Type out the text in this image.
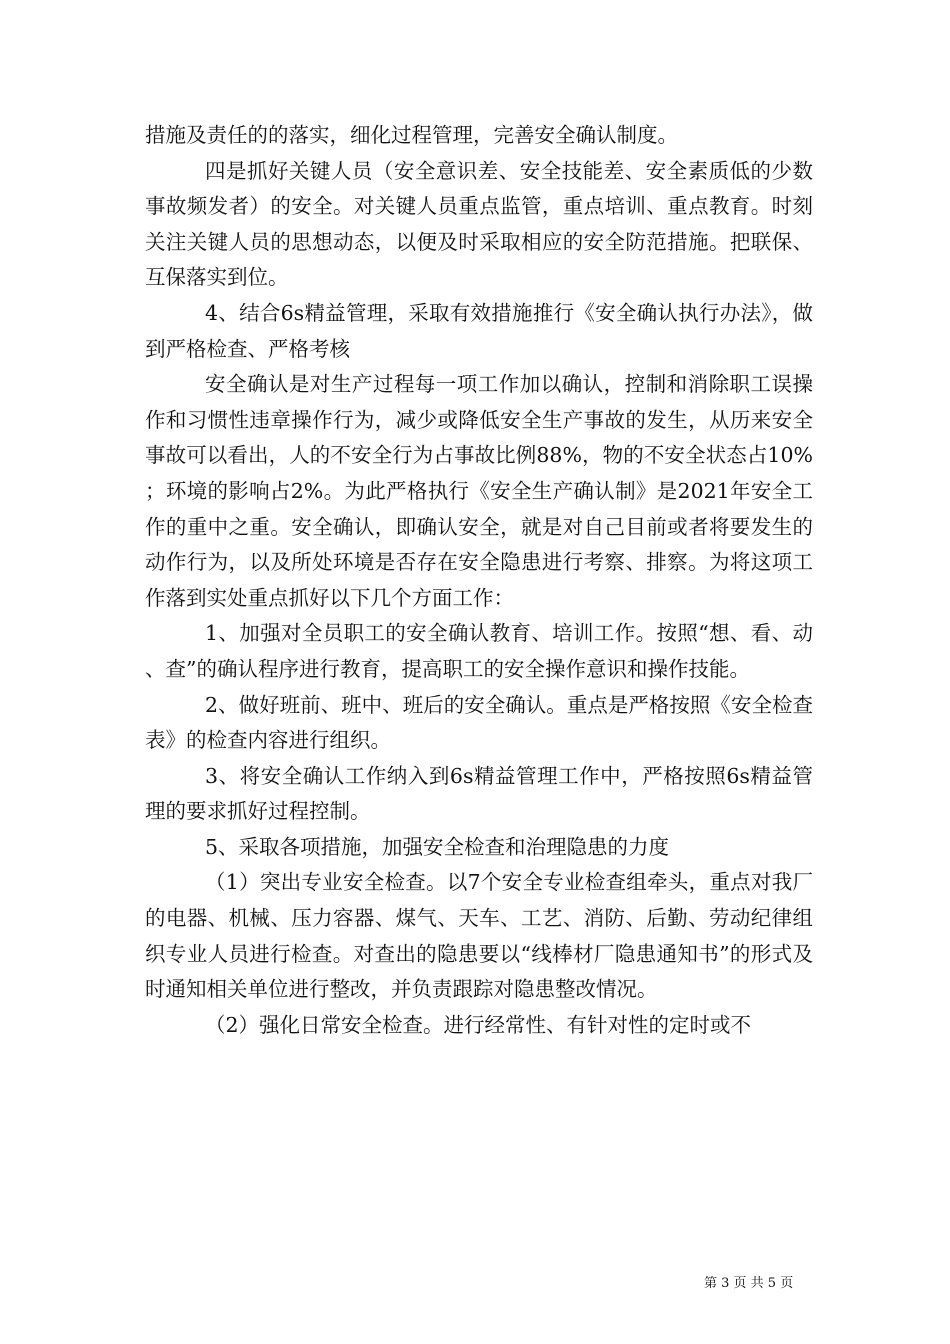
措施及责任的的落实，细化过程管理，完善安全确认制度。

四是抓好关键人员（安全意识差、安全技能差、安全素质低的少数事故频发者）的安全。对关键人员重点监管，重点培训、重点教育。时刻关注关键人员的思想动态，以便及时采取相应的安全防范措施。把联保、互保落实到位。

4、结合6s精益管理，采取有效措施推行《安全确认执行办法》，做到严格检查、严格考核

安全确认是对生产过程每一项工作加以确认，控制和消除职工误操作和习惯性违章操作行为，减少或降低安全生产事故的发生，从历来安全事故可以看出，人的不安全行为占事故比例88%，物的不安全状态占10%；环境的影响占2%。为此严格执行《安全生产确认制》是2021年安全工作的重中之重。安全确认，即确认安全，就是对自己目前或者将要发生的动作行为，以及所处环境是否存在安全隐患进行考察、排察。为将这项工作落到实处重点抓好以下几个方面工作：

1、加强对全员职工的安全确认教育、培训工作。按照“想、看、动、查”的确认程序进行教育，提高职工的安全操作意识和操作技能。

2、做好班前、班中、班后的安全确认。重点是严格按照《安全检查表》的检查内容进行组织。

3、将安全确认工作纳入到6s精益管理工作中，严格按照6s精益管理的要求抓好过程控制。

5、采取各项措施，加强安全检查和治理隐患的力度

（1）突出专业安全检查。以7个安全专业检查组牵头，重点对我厂的电器、机械、压力容器、煤气、天车、工艺、消防、后勤、劳动纪律组织专业人员进行检查。对查出的隐患要以“线棒材厂隐患通知书”的形式及时通知相关单位进行整改，并负责跟踪对隐患整改情况。

（2）强化日常安全检查。进行经常性、有针对性的定时或不

第 3 页 共 5 页
